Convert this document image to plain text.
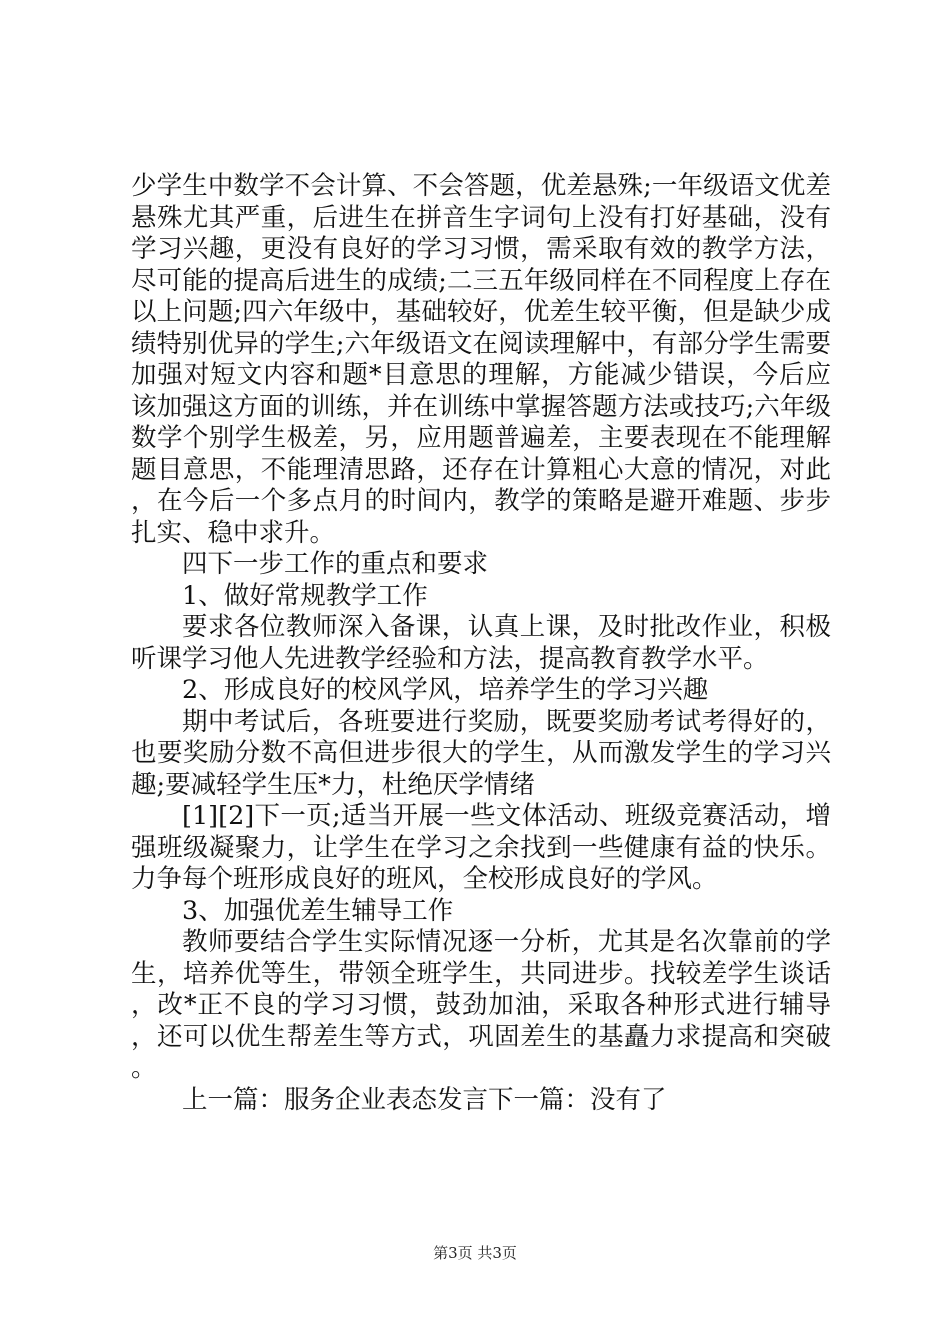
少学生中数学不会计算、不会答题，优差悬殊;一年级语文优差悬殊尤其严重，后进生在拼音生字词句上没有打好基础，没有学习兴趣，更没有良好的学习习惯，需采取有效的教学方法，尽可能的提高后进生的成绩;二三五年级同样在不同程度上存在以上问题;四六年级中，基础较好，优差生较平衡，但是缺少成绩特别优异的学生;六年级语文在阅读理解中，有部分学生需要加强对短文内容和题*目意思的理解，方能减少错误，今后应该加强这方面的训练，并在训练中掌握答题方法或技巧;六年级数学个别学生极差，另，应用题普遍差，主要表现在不能理解题目意思，不能理清思路，还存在计算粗心大意的情况，对此，在今后一个多点月的时间内，教学的策略是避开难题、步步扎实、稳中求升。

四下一步工作的重点和要求

1、做好常规教学工作

要求各位教师深入备课，认真上课，及时批改作业，积极听课学习他人先进教学经验和方法，提高教育教学水平。

2、形成良好的校风学风，培养学生的学习兴趣

期中考试后，各班要进行奖励，既要奖励考试考得好的，也要奖励分数不高但进步很大的学生，从而激发学生的学习兴趣;要减轻学生压*力，杜绝厌学情绪

[1][2]下一页;适当开展一些文体活动、班级竞赛活动，增强班级凝聚力，让学生在学习之余找到一些健康有益的快乐。力争每个班形成良好的班风，全校形成良好的学风。

3、加强优差生辅导工作

教师要结合学生实际情况逐一分析，尤其是名次靠前的学生，培养优等生，带领全班学生，共同进步。找较差学生谈话，改*正不良的学习习惯，鼓劲加油，采取各种形式进行辅导，还可以优生帮差生等方式，巩固差生的基矗力求提高和突破。

上一篇：服务企业表态发言下一篇：没有了

第3页 共3页
